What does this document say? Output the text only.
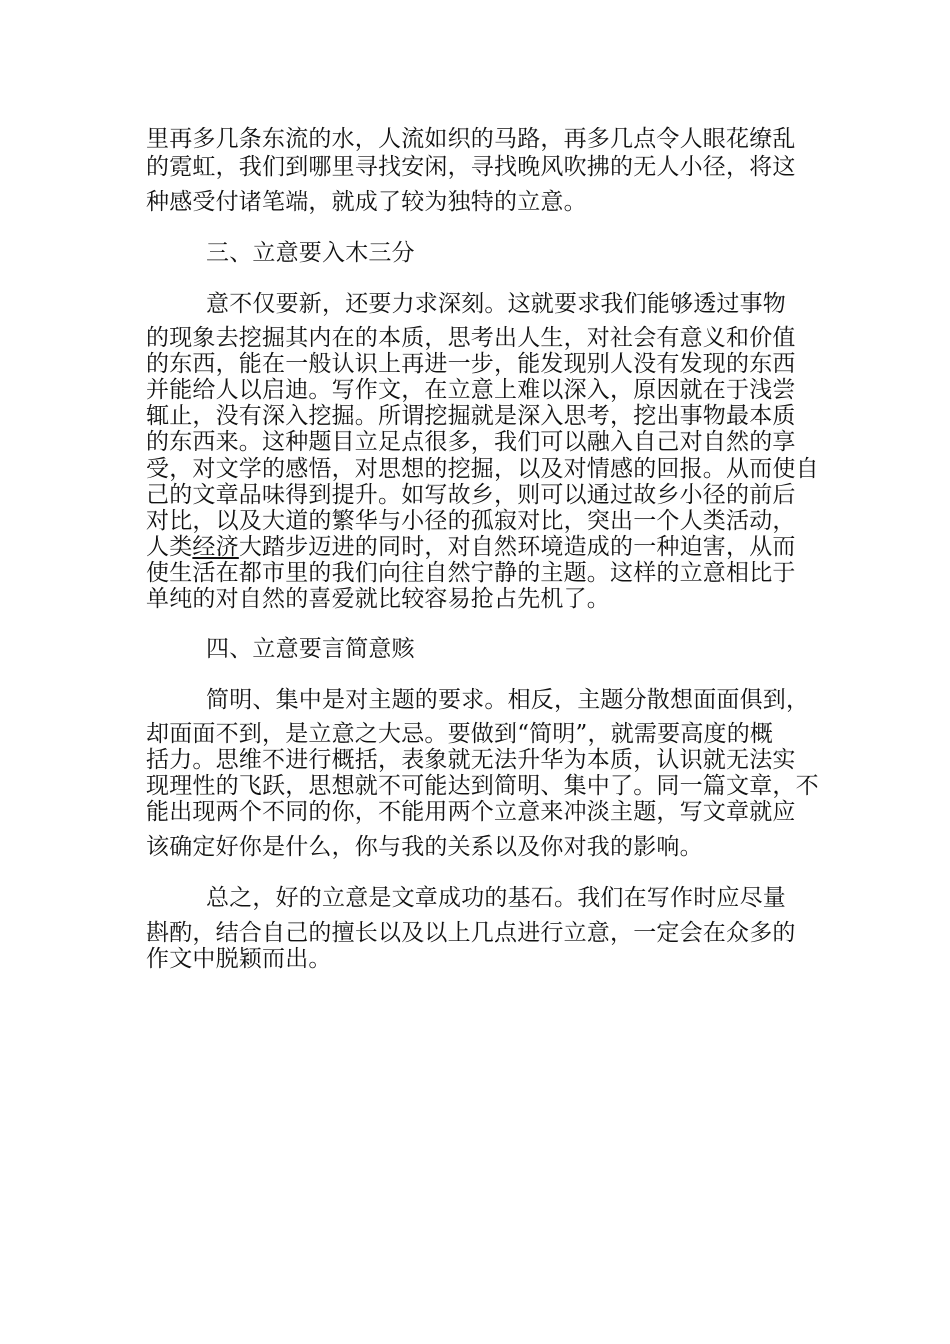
里再多几条东流的水，人流如织的马路，再多几点令人眼花缭乱
的霓虹，我们到哪里寻找安闲，寻找晚风吹拂的无人小径，将这
种感受付诸笔端，就成了较为独特的立意。
三、立意要入木三分
意不仅要新，还要力求深刻。这就要求我们能够透过事物
的现象去挖掘其内在的本质，思考出人生，对社会有意义和价值
的东西，能在一般认识上再进一步，能发现别人没有发现的东西
并能给人以启迪。写作文，在立意上难以深入，原因就在于浅尝
辄止，没有深入挖掘。所谓挖掘就是深入思考，挖出事物最本质
的东西来。这种题目立足点很多，我们可以融入自己对自然的享
受，对文学的感悟，对思想的挖掘，以及对情感的回报。从而使自
己的文章品味得到提升。如写故乡，则可以通过故乡小径的前后
对比，以及大道的繁华与小径的孤寂对比，突出一个人类活动，
人类经济大踏步迈进的同时，对自然环境造成的一种迫害，从而
使生活在都市里的我们向往自然宁静的主题。这样的立意相比于
单纯的对自然的喜爱就比较容易抢占先机了。
四、立意要言简意赅
简明、集中是对主题的要求。相反，主题分散想面面俱到，
却面面不到，是立意之大忌。要做到“简明”，就需要高度的概
括力。思维不进行概括，表象就无法升华为本质，认识就无法实
现理性的飞跃，思想就不可能达到简明、集中了。同一篇文章，不
能出现两个不同的你，不能用两个立意来冲淡主题，写文章就应
该确定好你是什么，你与我的关系以及你对我的影响。
总之，好的立意是文章成功的基石。我们在写作时应尽量
斟酌，结合自己的擅长以及以上几点进行立意，一定会在众多的
作文中脱颖而出。
